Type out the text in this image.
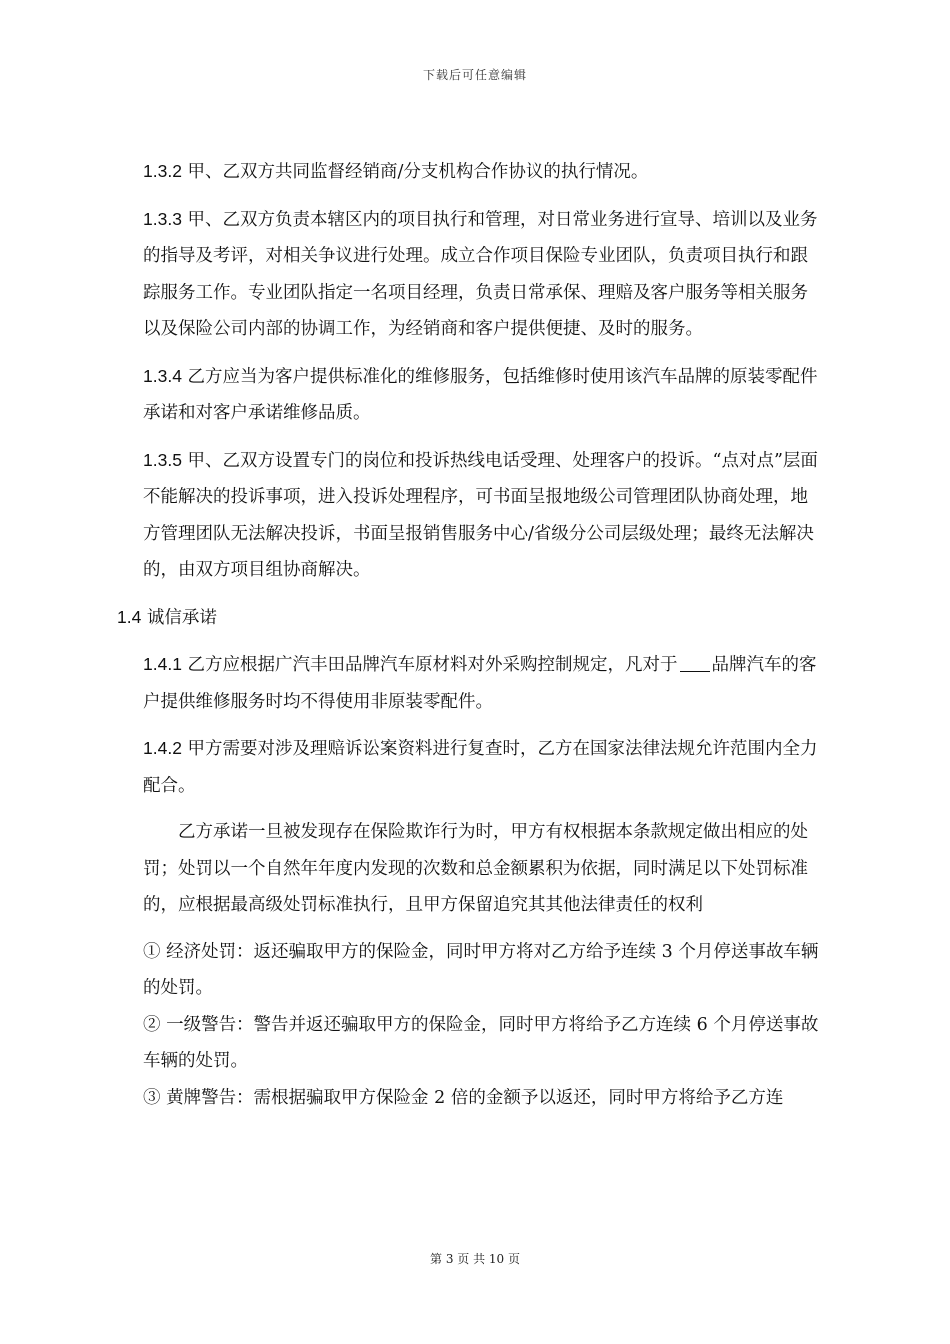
下载后可任意编辑

1.3.2 甲、乙双方共同监督经销商/分支机构合作协议的执行情况。

1.3.3 甲、乙双方负责本辖区内的项目执行和管理，对日常业务进行宣导、培训以及业务的指导及考评，对相关争议进行处理。成立合作项目保险专业团队，负责项目执行和跟踪服务工作。专业团队指定一名项目经理，负责日常承保、理赔及客户服务等相关服务以及保险公司内部的协调工作，为经销商和客户提供便捷、及时的服务。

1.3.4 乙方应当为客户提供标准化的维修服务，包括维修时使用该汽车品牌的原装零配件承诺和对客户承诺维修品质。

1.3.5 甲、乙双方设置专门的岗位和投诉热线电话受理、处理客户的投诉。“点对点”层面不能解决的投诉事项，进入投诉处理程序，可书面呈报地级公司管理团队协商处理，地方管理团队无法解决投诉，书面呈报销售服务中心/省级分公司层级处理；最终无法解决的，由双方项目组协商解决。

1.4 诚信承诺

1.4.1 乙方应根据广汽丰田品牌汽车原材料对外采购控制规定，凡对于 品牌汽车的客户提供维修服务时均不得使用非原装零配件。

1.4.2 甲方需要对涉及理赔诉讼案资料进行复查时，乙方在国家法律法规允许范围内全力配合。

乙方承诺一旦被发现存在保险欺诈行为时，甲方有权根据本条款规定做出相应的处罚；处罚以一个自然年年度内发现的次数和总金额累积为依据，同时满足以下处罚标准的，应根据最高级处罚标准执行，且甲方保留追究其其他法律责任的权利

① 经济处罚：返还骗取甲方的保险金，同时甲方将对乙方给予连续 3 个月停送事故车辆的处罚。

② 一级警告：警告并返还骗取甲方的保险金，同时甲方将给予乙方连续 6 个月停送事故车辆的处罚。

③ 黄牌警告：需根据骗取甲方保险金 2 倍的金额予以返还，同时甲方将给予乙方连

第 3 页 共 10 页
